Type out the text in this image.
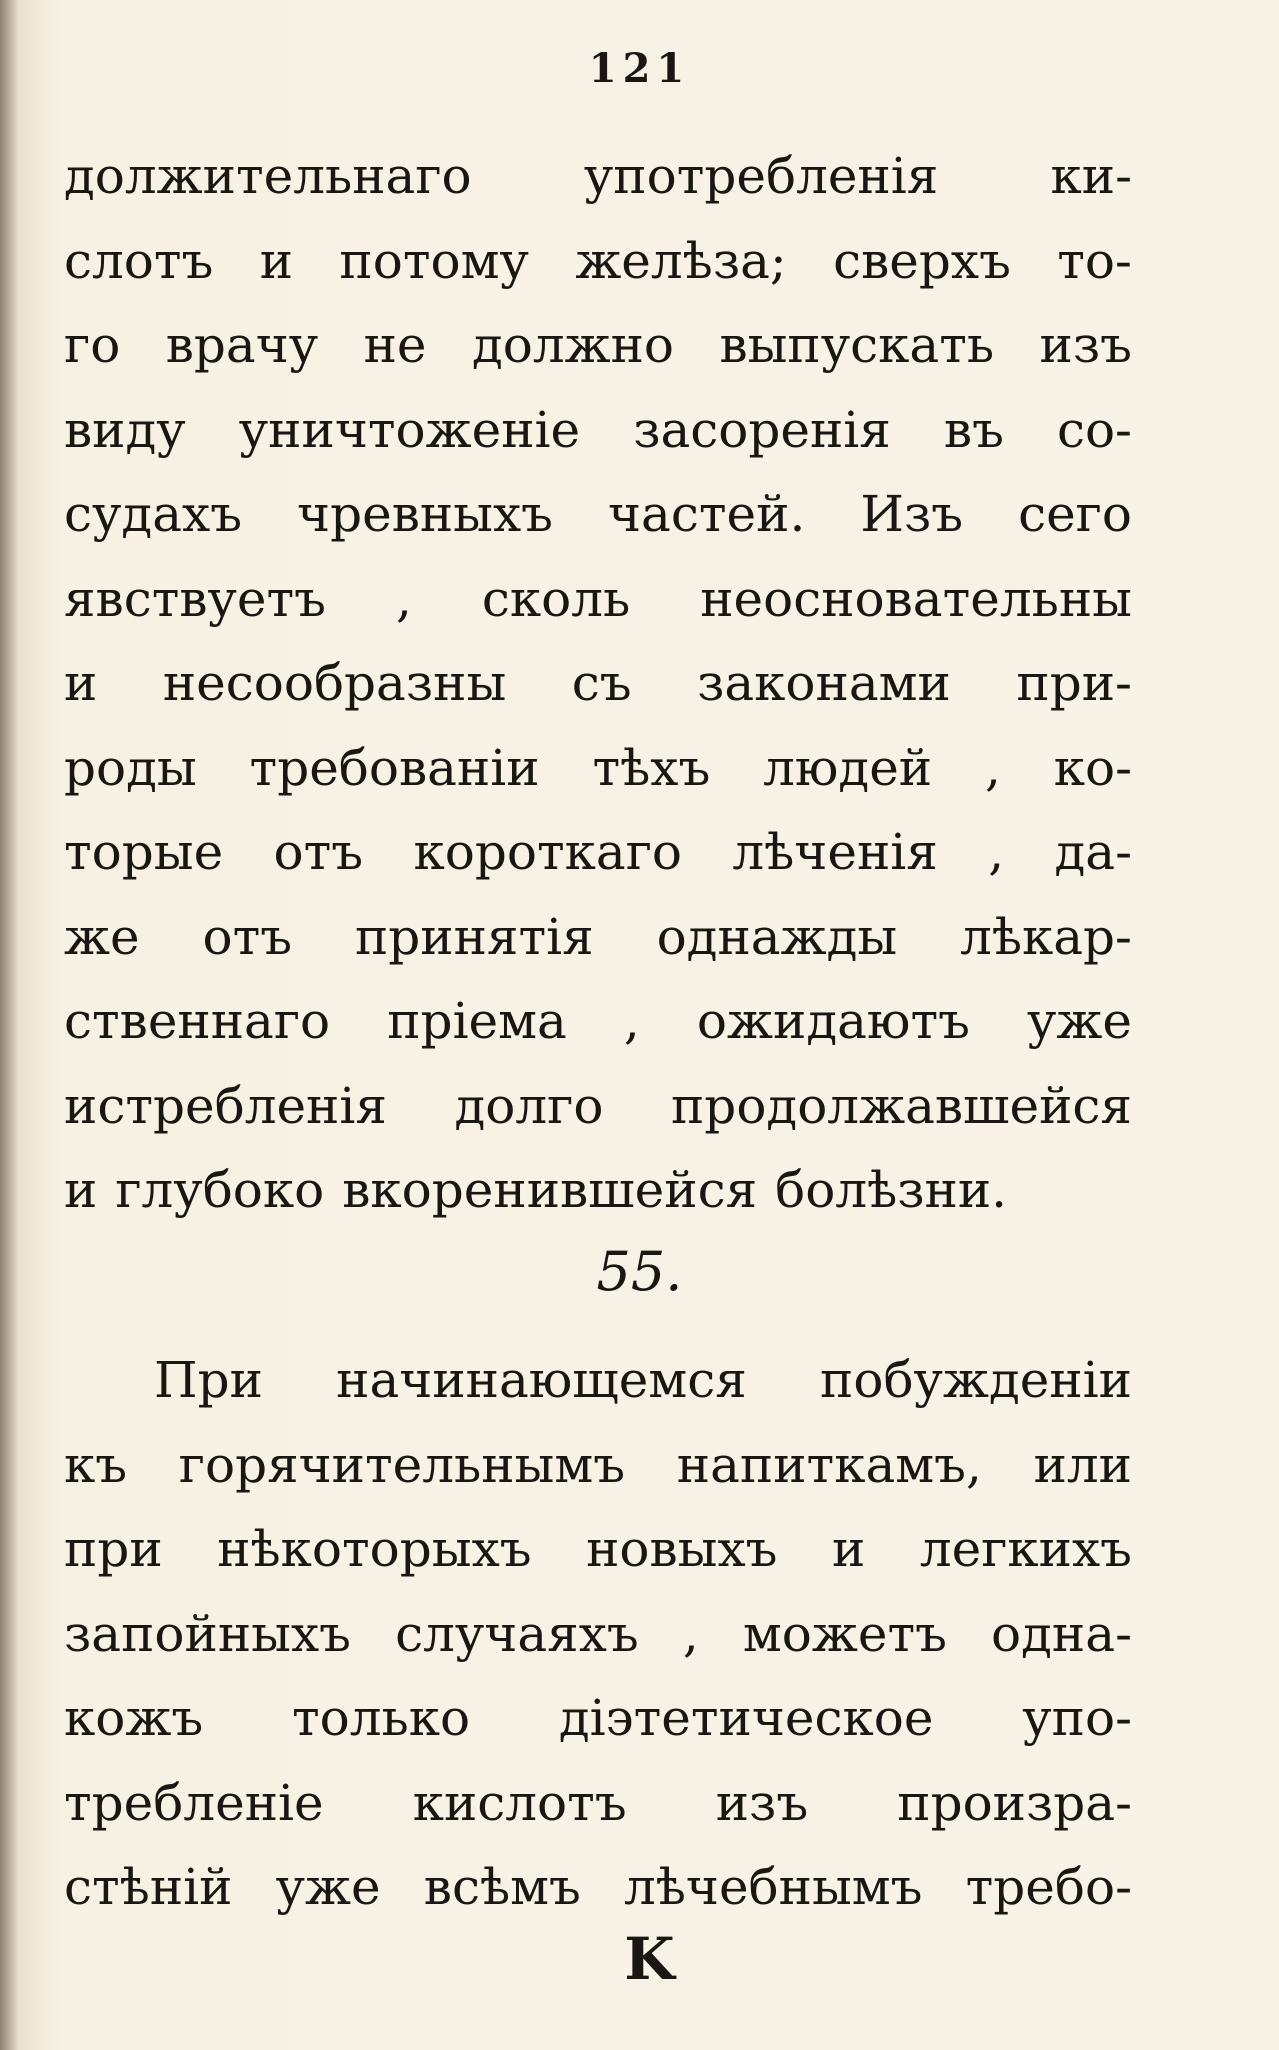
121
должительнаго употребленія ки-
слотъ и потому желѣза; сверхъ то-
го врачу не должно выпускать изъ
виду уничтоженіе засоренія въ со-
судахъ чревныхъ частей. Изъ сего
явствуетъ , сколь неосновательны
и несообразны съ законами при-
роды требованіи тѣхъ людей , ко-
торые отъ короткаго лѣченія , да-
же отъ принятія однажды лѣкар-
ственнаго пріема , ожидаютъ уже
истребленія долго продолжавшейся
и глубоко вкоренившейся болѣзни.
55.
При начинающемся побужденіи
къ горячительнымъ напиткамъ, или
при нѣкоторыхъ новыхъ и легкихъ
запойныхъ случаяхъ , можетъ одна-
кожъ только діэтетическое упо-
требленіе кислотъ изъ произра-
стѣній уже всѣмъ лѣчебнымъ требо-
K
